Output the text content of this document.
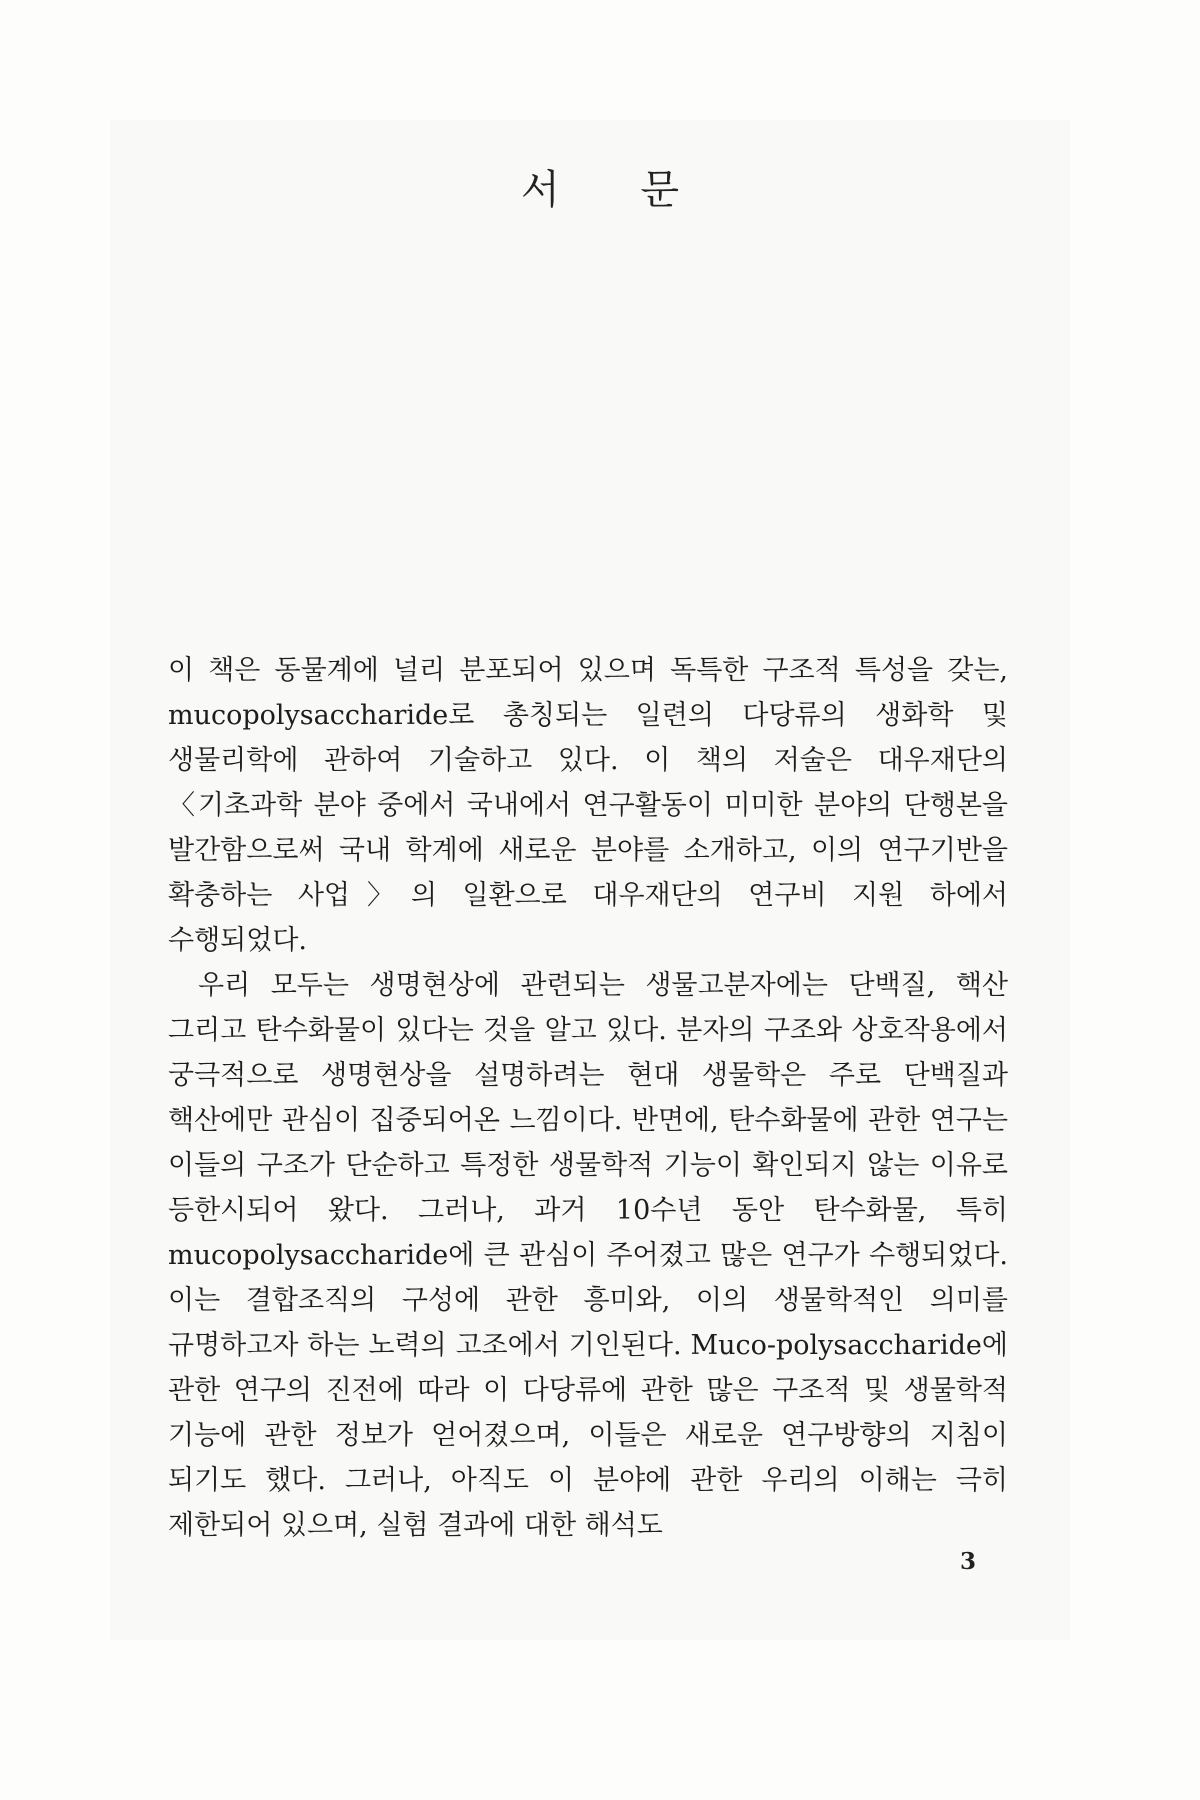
서 문

이 책은 동물계에 널리 분포되어 있으며 독특한 구조적 특성을 갖는, mucopolysaccharide로 총칭되는 일련의 다당류의 생화학 및 생물리학에 관하여 기술하고 있다. 이 책의 저술은 대우재단의 〈기초과학 분야 중에서 국내에서 연구활동이 미미한 분야의 단행본을 발간함으로써 국내 학계에 새로운 분야를 소개하고, 이의 연구기반을 확충하는 사업〉의 일환으로 대우재단의 연구비 지원 하에서 수행되었다.

우리 모두는 생명현상에 관련되는 생물고분자에는 단백질, 핵산 그리고 탄수화물이 있다는 것을 알고 있다. 분자의 구조와 상호작용에서 궁극적으로 생명현상을 설명하려는 현대 생물학은 주로 단백질과 핵산에만 관심이 집중되어온 느낌이다. 반면에, 탄수화물에 관한 연구는 이들의 구조가 단순하고 특정한 생물학적 기능이 확인되지 않는 이유로 등한시되어 왔다. 그러나, 과거 10수년 동안 탄수화물, 특히 mucopolysaccharide에 큰 관심이 주어졌고 많은 연구가 수행되었다. 이는 결합조직의 구성에 관한 흥미와, 이의 생물학적인 의미를 규명하고자 하는 노력의 고조에서 기인된다. Muco-polysaccharide에 관한 연구의 진전에 따라 이 다당류에 관한 많은 구조적 및 생물학적 기능에 관한 정보가 얻어졌으며, 이들은 새로운 연구방향의 지침이 되기도 했다. 그러나, 아직도 이 분야에 관한 우리의 이해는 극히 제한되어 있으며, 실험 결과에 대한 해석도

3
